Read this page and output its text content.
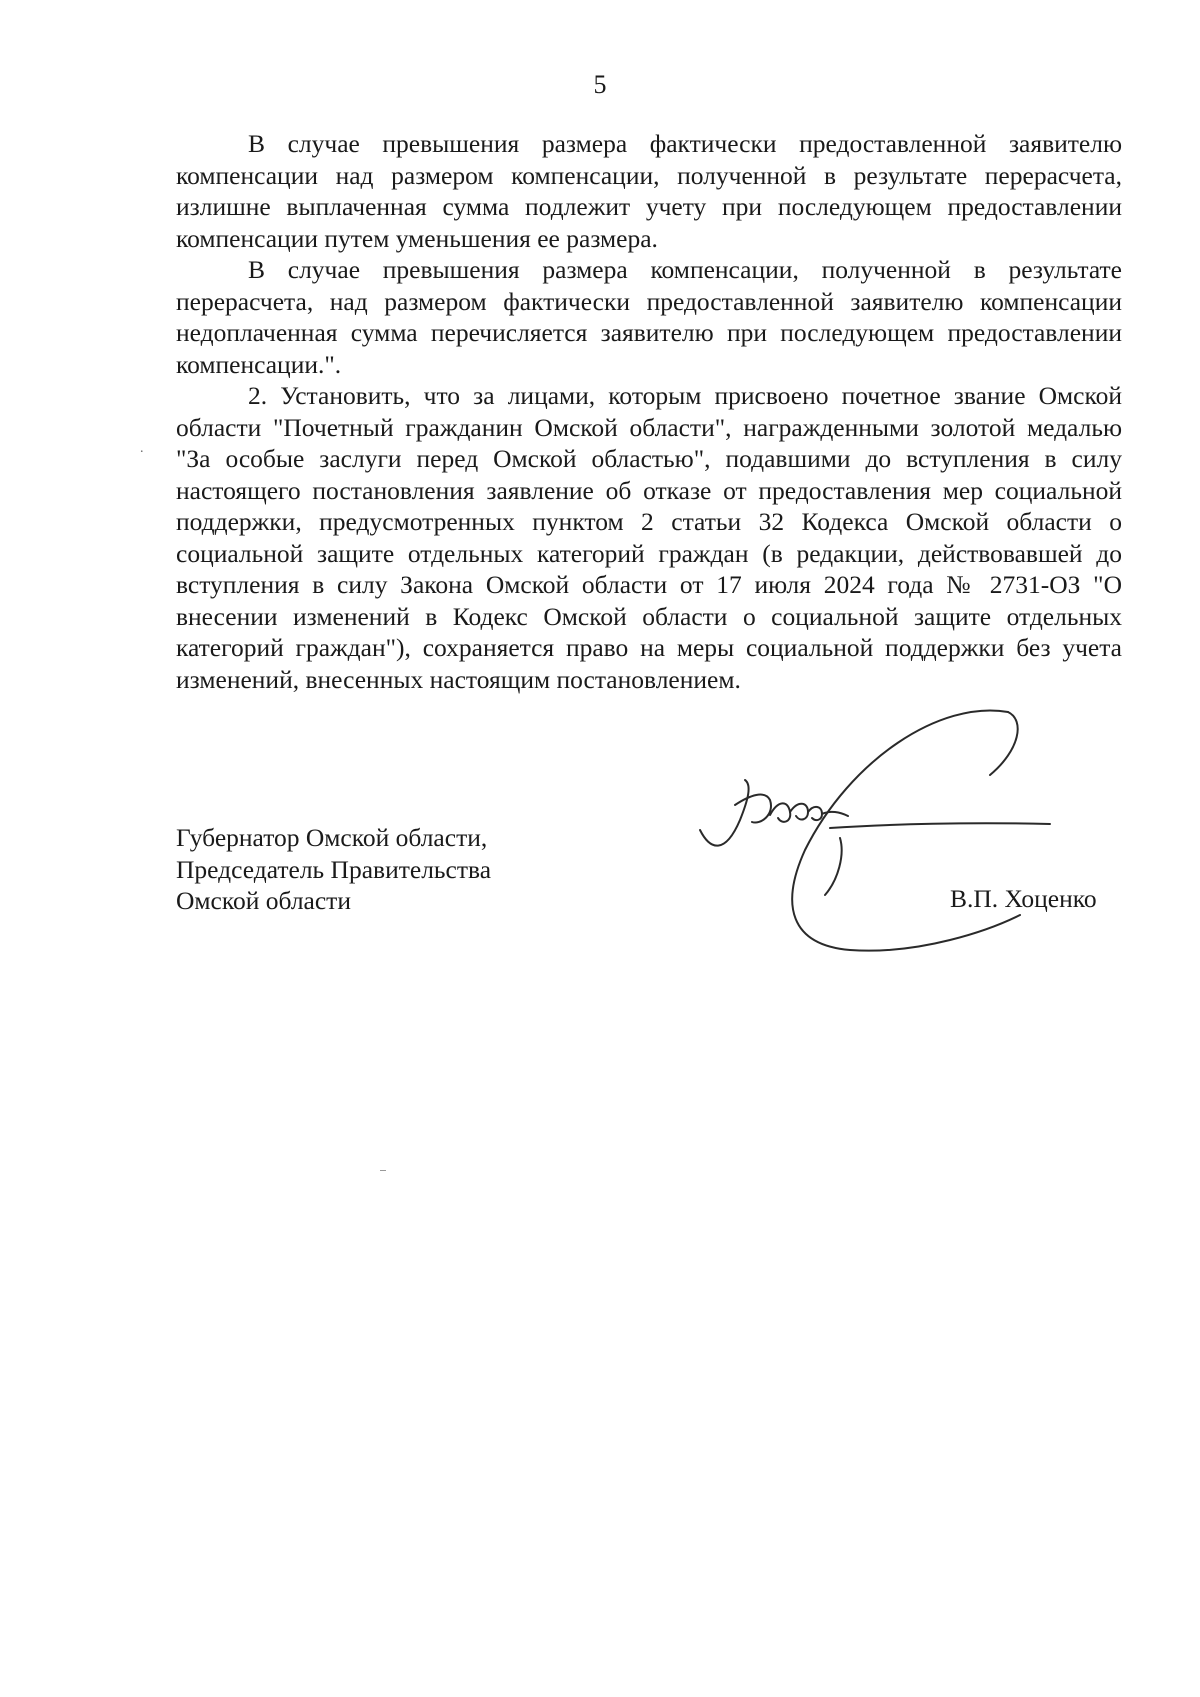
5
.

В случае превышения размера фактически предоставленной заявителю компенсации над размером компенсации, полученной в результате перерасчета, излишне выплаченная сумма подлежит учету при последующем предоставлении компенсации путем уменьшения ее размера.

В случае превышения размера компенсации, полученной в результате перерасчета, над размером фактически предоставленной заявителю компенсации недоплаченная сумма перечисляется заявителю при последующем предоставлении компенсации.".

2. Установить, что за лицами, которым присвоено почетное звание Омской области "Почетный гражданин Омской области", награжденными золотой медалью "За особые заслуги перед Омской областью", подавшими до вступления в силу настоящего постановления заявление об отказе от предоставления мер социальной поддержки, предусмотренных пунктом 2 статьи 32 Кодекса Омской области о социальной защите отдельных категорий граждан (в редакции, действовавшей до вступления в силу Закона Омской области от 17 июля 2024 года № 2731-ОЗ "О внесении изменений в Кодекс Омской области о социальной защите отдельных категорий граждан"), сохраняется право на меры социальной поддержки без учета изменений, внесенных настоящим постановлением.

Губернатор Омской области,
Председатель Правительства
Омской области	В.П. Хоценко
